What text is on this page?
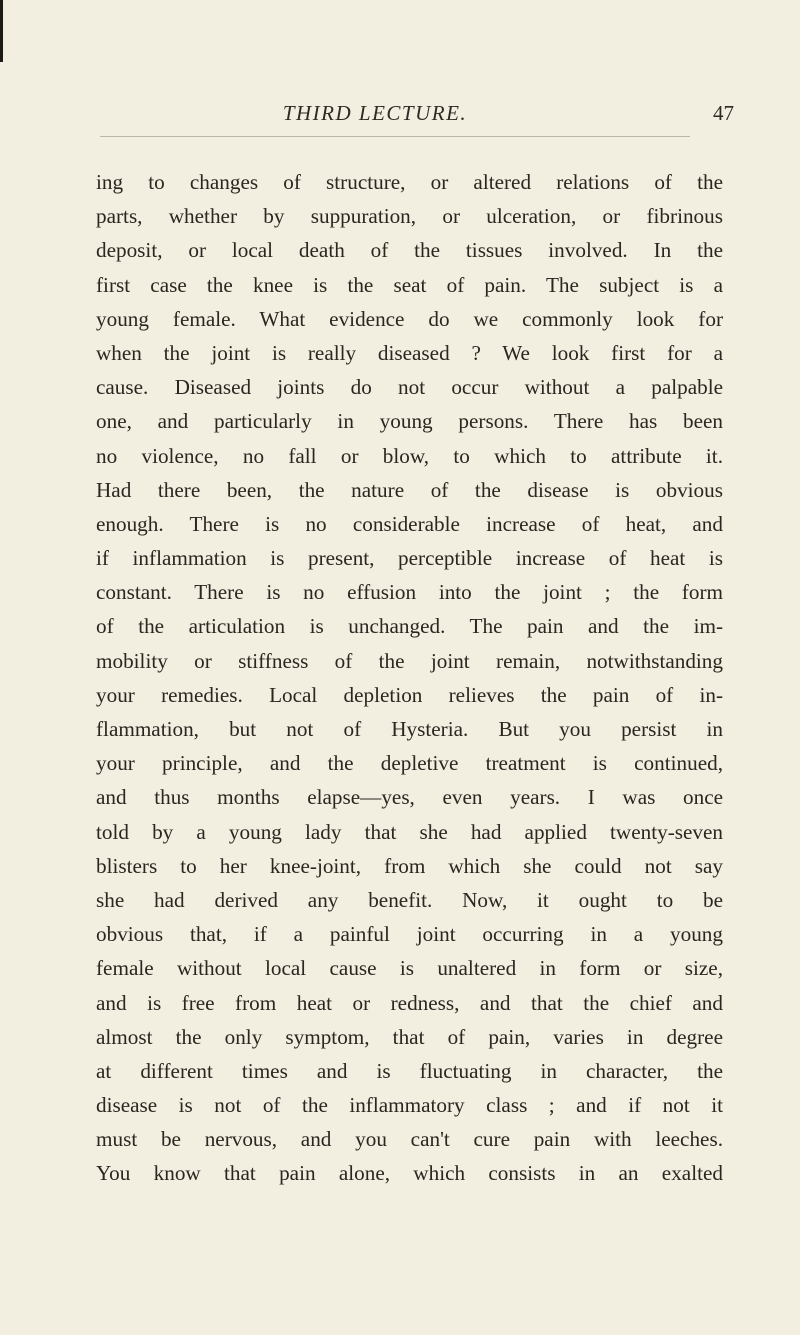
THIRD LECTURE.	47
ing to changes of structure, or altered relations of the
parts, whether by suppuration, or ulceration, or fibrinous
deposit, or local death of the tissues involved. In the
first case the knee is the seat of pain. The subject is a
young female. What evidence do we commonly look for
when the joint is really diseased ? We look first for a
cause. Diseased joints do not occur without a palpable
one, and particularly in young persons. There has been
no violence, no fall or blow, to which to attribute it.
Had there been, the nature of the disease is obvious
enough. There is no considerable increase of heat, and
if inflammation is present, perceptible increase of heat is
constant. There is no effusion into the joint ; the form
of the articulation is unchanged. The pain and the im-
mobility or stiffness of the joint remain, notwithstanding
your remedies. Local depletion relieves the pain of in-
flammation, but not of Hysteria. But you persist in
your principle, and the depletive treatment is continued,
and thus months elapse—yes, even years. I was once
told by a young lady that she had applied twenty-seven
blisters to her knee-joint, from which she could not say
she had derived any benefit. Now, it ought to be
obvious that, if a painful joint occurring in a young
female without local cause is unaltered in form or size,
and is free from heat or redness, and that the chief and
almost the only symptom, that of pain, varies in degree
at different times and is fluctuating in character, the
disease is not of the inflammatory class ; and if not it
must be nervous, and you can't cure pain with leeches.
You know that pain alone, which consists in an exalted
